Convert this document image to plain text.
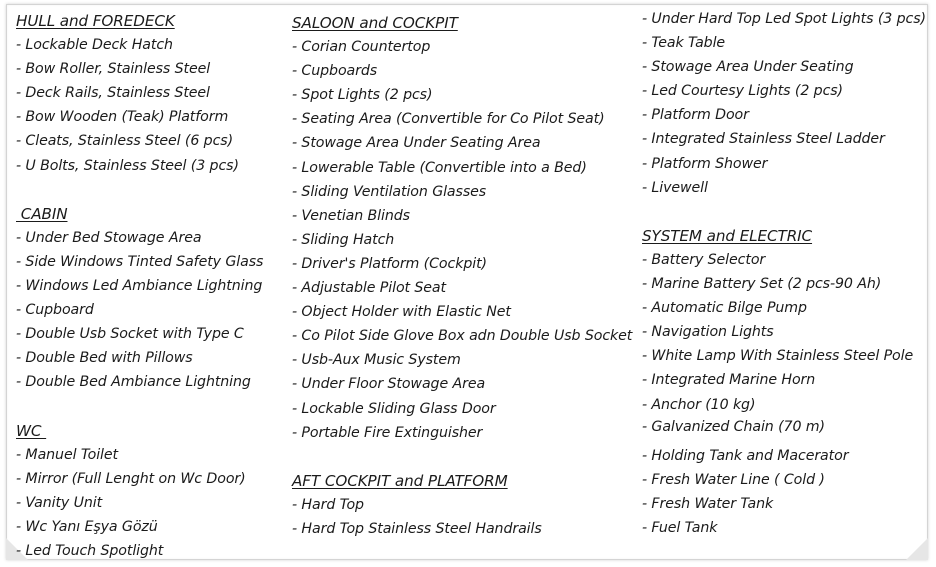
HULL and FOREDECK
- Lockable Deck Hatch
- Bow Roller, Stainless Steel
- Deck Rails, Stainless Steel
- Bow Wooden (Teak) Platform
- Cleats, Stainless Steel (6 pcs)
- U Bolts, Stainless Steel (3 pcs)
CABIN
- Under Bed Stowage Area
- Side Windows Tinted Safety Glass
- Windows Led Ambiance Lightning
- Cupboard
- Double Usb Socket with Type C
- Double Bed with Pillows
- Double Bed Ambiance Lightning
WC
- Manuel Toilet
- Mirror (Full Lenght on Wc Door)
- Vanity Unit
- Wc Yanı Eşya Gözü
- Led Touch Spotlight
SALOON and COCKPIT
- Corian Countertop
- Cupboards
- Spot Lights (2 pcs)
- Seating Area (Convertible for Co Pilot Seat)
- Stowage Area Under Seating Area
- Lowerable Table (Convertible into a Bed)
- Sliding Ventilation Glasses
- Venetian Blinds
- Sliding Hatch
- Driver's Platform (Cockpit)
- Adjustable Pilot Seat
- Object Holder with Elastic Net
- Co Pilot Side Glove Box adn Double Usb Socket
- Usb-Aux Music System
- Under Floor Stowage Area
- Lockable Sliding Glass Door
- Portable Fire Extinguisher
AFT COCKPIT and PLATFORM
- Hard Top
- Hard Top Stainless Steel Handrails
- Under Hard Top Led Spot Lights (3 pcs)
- Teak Table
- Stowage Area Under Seating
- Led Courtesy Lights (2 pcs)
- Platform Door
- Integrated Stainless Steel Ladder
- Platform Shower
- Livewell
SYSTEM and ELECTRIC
- Battery Selector
- Marine Battery Set (2 pcs-90 Ah)
- Automatic Bilge Pump
- Navigation Lights
- White Lamp With Stainless Steel Pole
- Integrated Marine Horn
- Anchor (10 kg)
- Galvanized Chain (70 m)
- Holding Tank and Macerator
- Fresh Water Line ( Cold )
- Fresh Water Tank
- Fuel Tank
